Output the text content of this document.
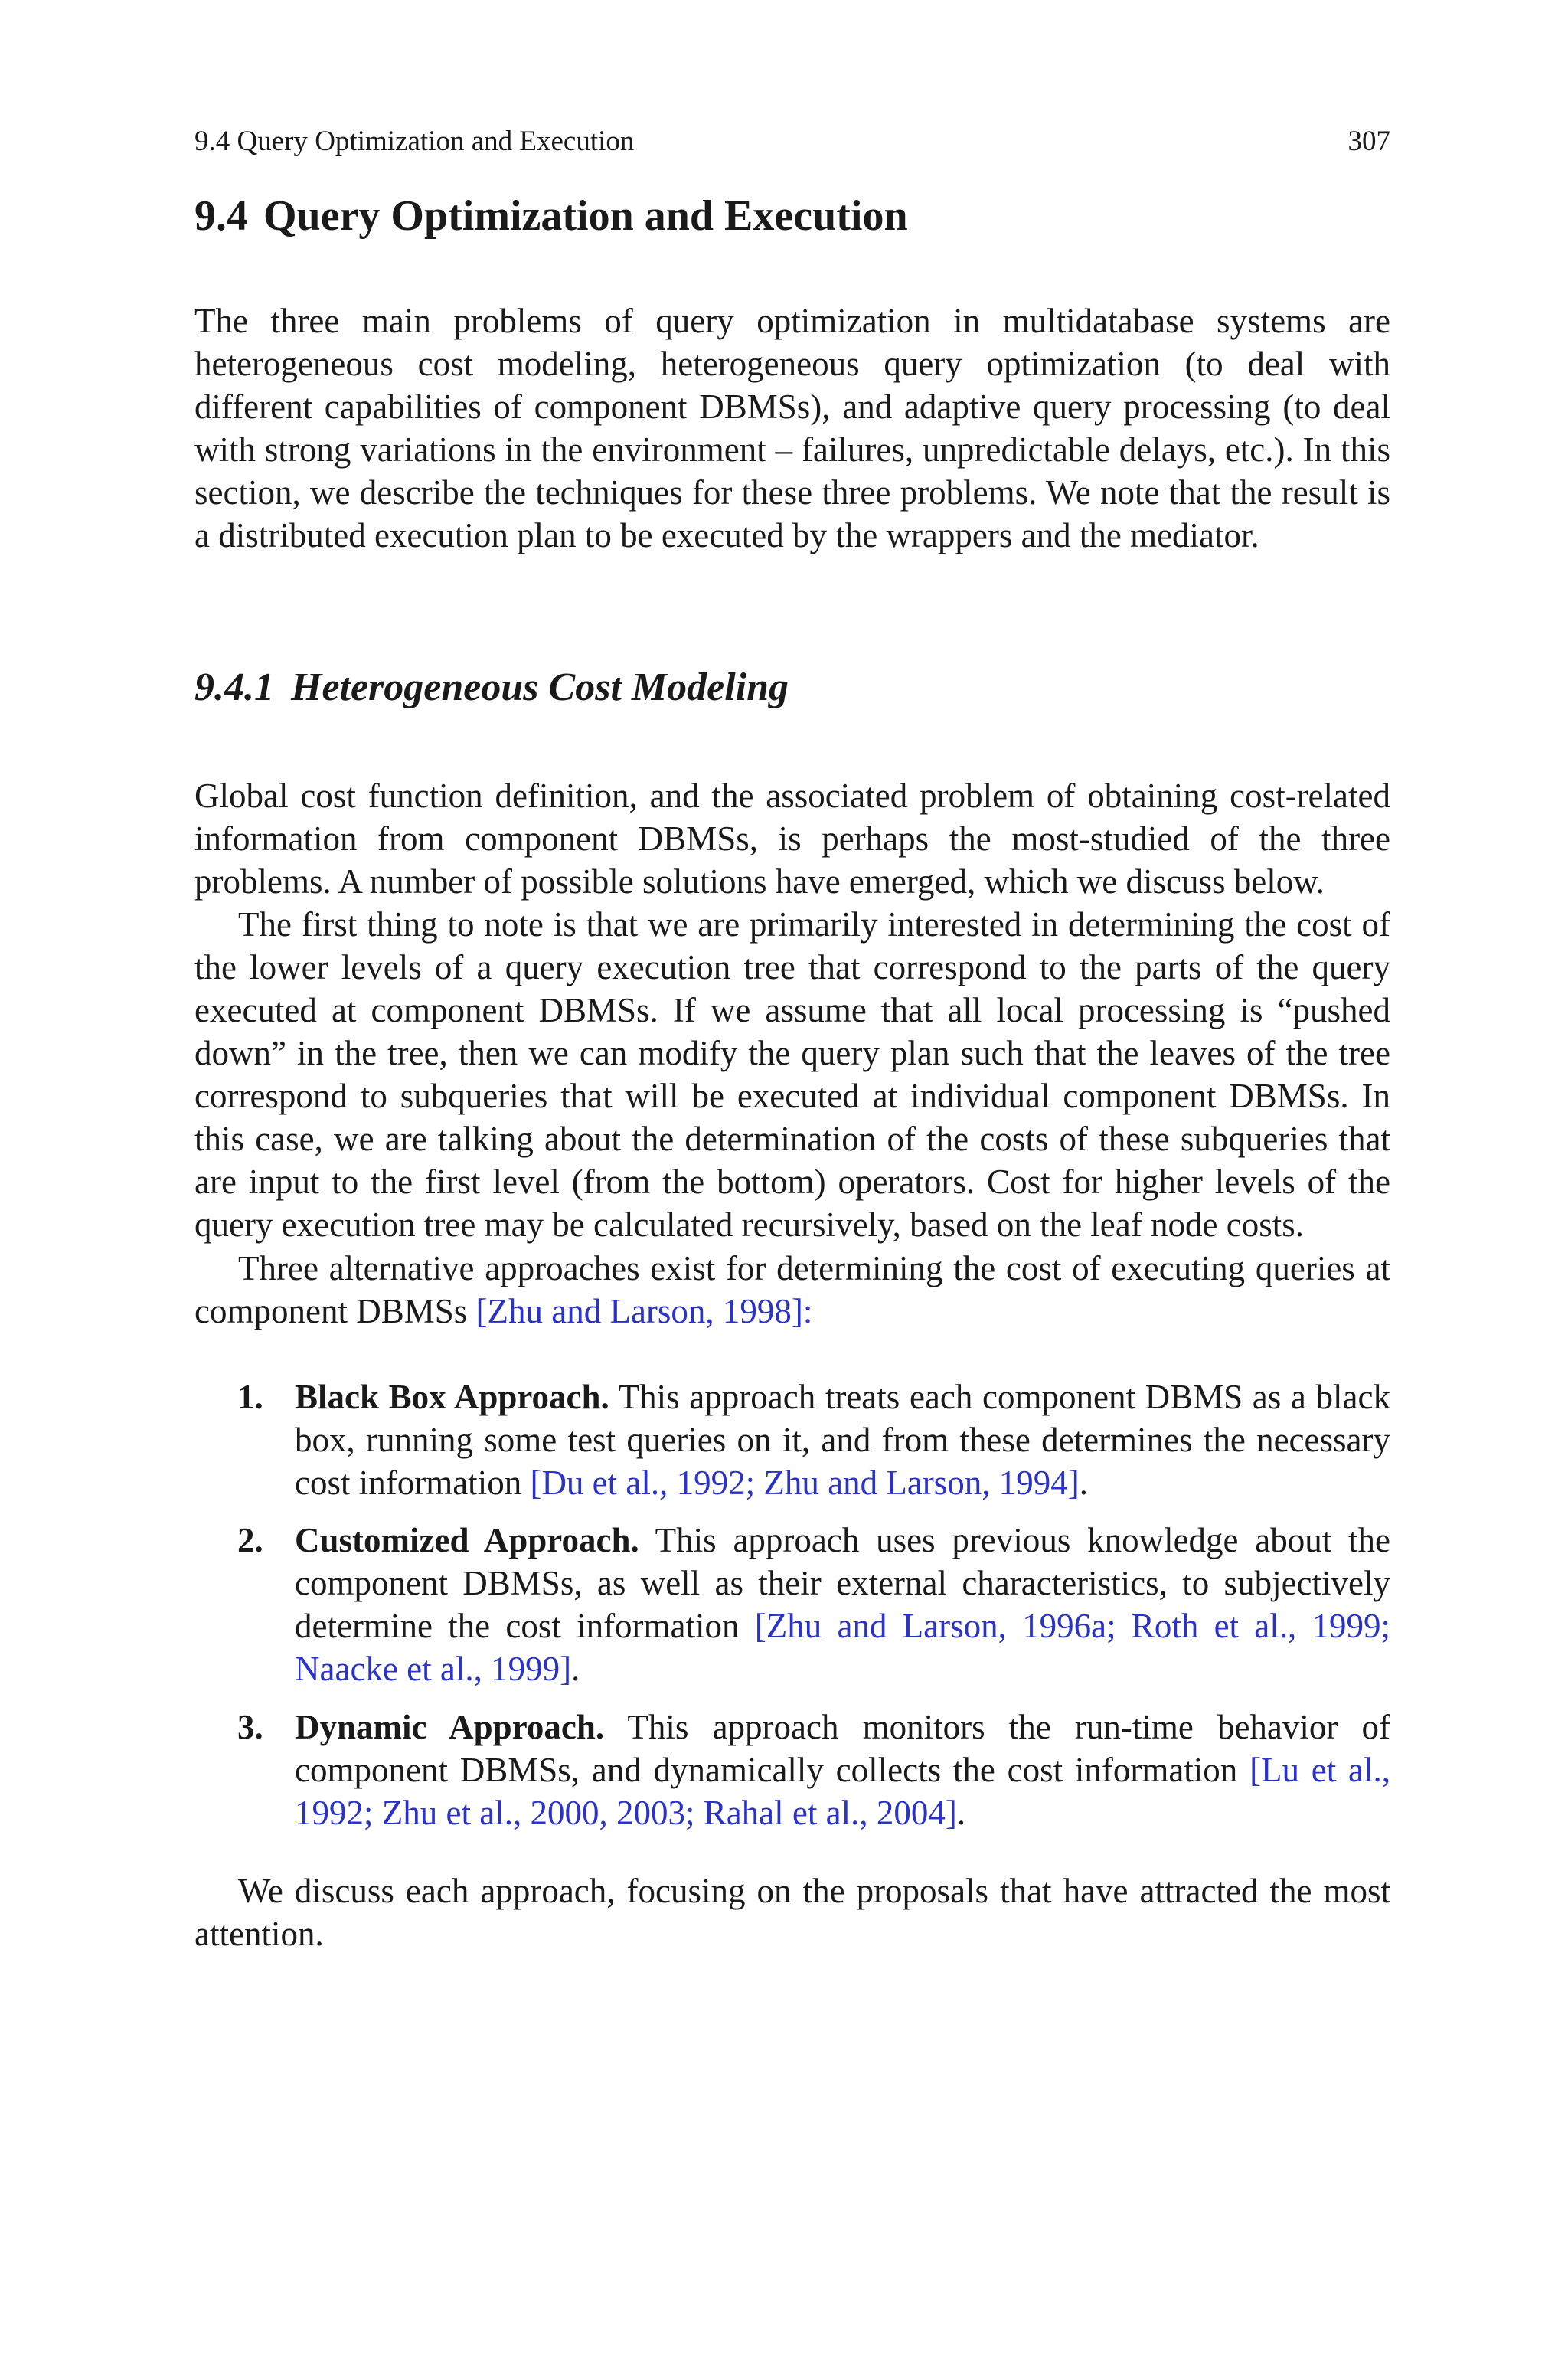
9.4 Query Optimization and Execution	307
9.4 Query Optimization and Execution

The three main problems of query optimization in multidatabase systems are heterogeneous cost modeling, heterogeneous query optimization (to deal with different capabilities of component DBMSs), and adaptive query processing (to deal with strong variations in the environment – failures, unpredictable delays, etc.). In this section, we describe the techniques for these three problems. We note that the result is a distributed execution plan to be executed by the wrappers and the mediator.

9.4.1 Heterogeneous Cost Modeling

Global cost function definition, and the associated problem of obtaining cost-related information from component DBMSs, is perhaps the most-studied of the three problems. A number of possible solutions have emerged, which we discuss below.

The first thing to note is that we are primarily interested in determining the cost of the lower levels of a query execution tree that correspond to the parts of the query executed at component DBMSs. If we assume that all local processing is “pushed down” in the tree, then we can modify the query plan such that the leaves of the tree correspond to subqueries that will be executed at individual component DBMSs. In this case, we are talking about the determination of the costs of these subqueries that are input to the first level (from the bottom) operators. Cost for higher levels of the query execution tree may be calculated recursively, based on the leaf node costs.

Three alternative approaches exist for determining the cost of executing queries at component DBMSs [Zhu and Larson, 1998]:

1. Black Box Approach. This approach treats each component DBMS as a black box, running some test queries on it, and from these determines the necessary cost information [Du et al., 1992; Zhu and Larson, 1994].
2. Customized Approach. This approach uses previous knowledge about the component DBMSs, as well as their external characteristics, to subjectively determine the cost information [Zhu and Larson, 1996a; Roth et al., 1999; Naacke et al., 1999].
3. Dynamic Approach. This approach monitors the run-time behavior of component DBMSs, and dynamically collects the cost information [Lu et al., 1992; Zhu et al., 2000, 2003; Rahal et al., 2004].

We discuss each approach, focusing on the proposals that have attracted the most attention.
